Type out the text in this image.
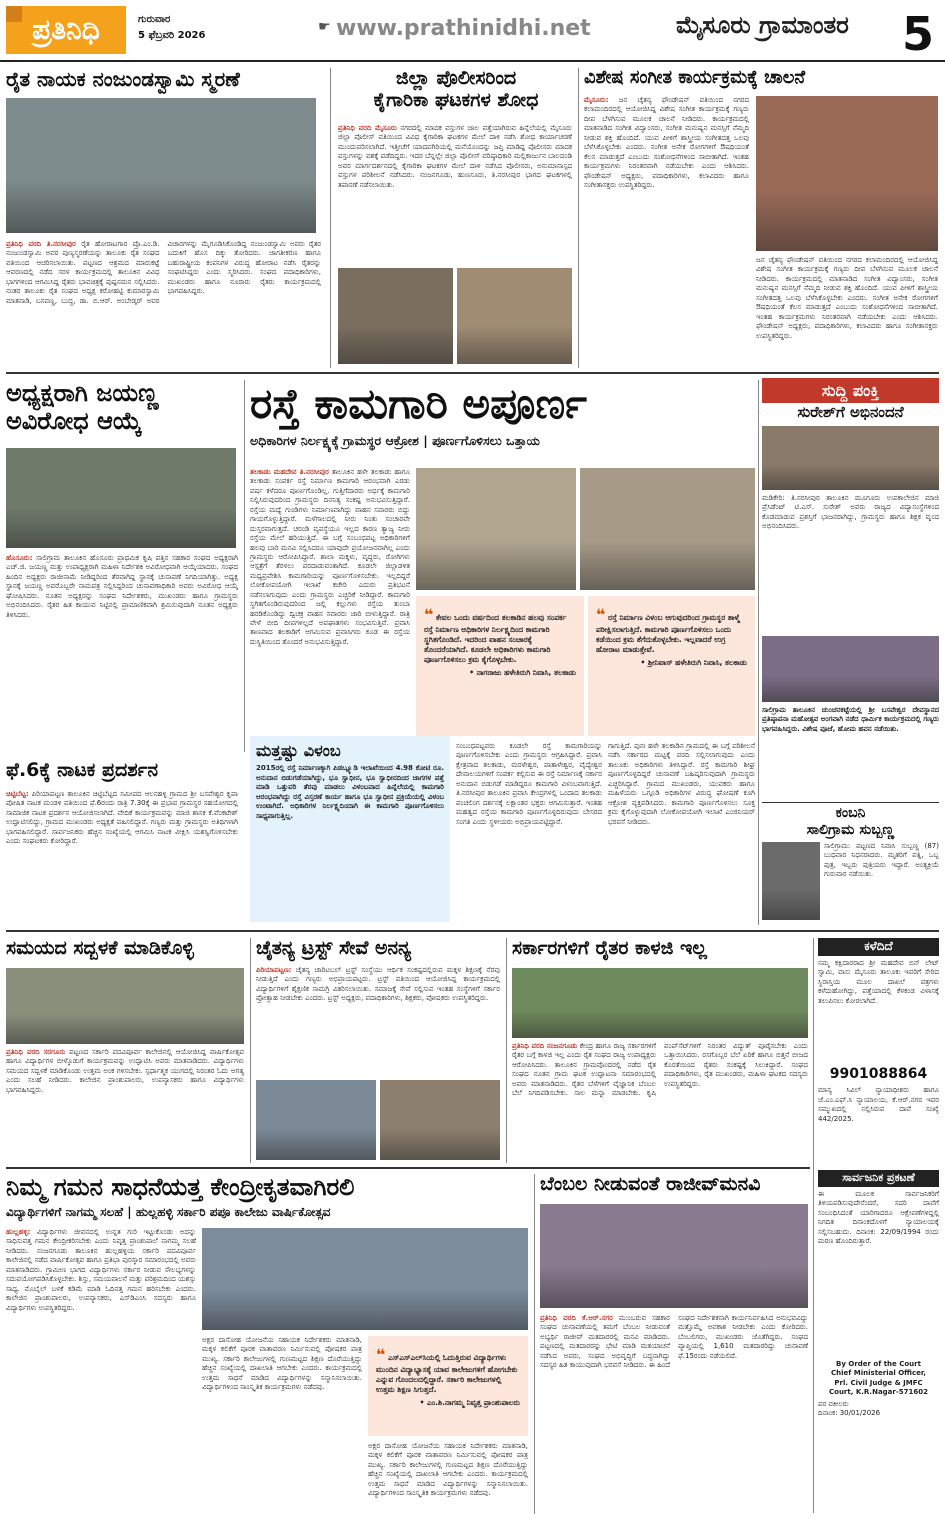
ಪ್ರತಿನಿಧಿ	ಗುರುವಾರ
5 ಫೆಬ್ರವರಿ 2026
☛ www.prathinidhi.net	ಮೈಸೂರು ಗ್ರಾಮಾಂತರ 5
ರೈತ ನಾಯಕ ನಂಜುಂಡಸ್ವಾಮಿ ಸ್ಮರಣೆ
ಪ್ರತಿನಿಧಿ ವರದಿ ತಿ.ನರಸೀಪುರ ರೈತ ಹೋರಾಟಗಾರ ಪ್ರೊ.ಎಂ.ಡಿ. ನಂಜುಂಡಸ್ವಾಮಿ ಅವರ ಪುಣ್ಯಸ್ಮರಣೆಯನ್ನು ತಾಲೂಕು ರೈತ ಸಂಘದ ವತಿಯಿಂದ ಆಚರಿಸಲಾಯಿತು. ಪಟ್ಟಣದ ಆಶ್ರಮದ ಮಾರುಕಟ್ಟೆ ಆವರಣದಲ್ಲಿ ನಡೆದ ಸರಳ ಕಾರ್ಯಕ್ರಮದಲ್ಲಿ ತಾಲೂಕಿನ ವಿವಿಧ ಭಾಗಗಳಿಂದ ಆಗಮಿಸಿದ್ದ ರೈತರು ಭಾವಚಿತ್ರಕ್ಕೆ ಪುಷ್ಪನಮನ ಸಲ್ಲಿಸಿದರು. ನಂತರ ತಾಲೂಕು ರೈತ ಸಂಘದ ಅಧ್ಯಕ್ಷ ಕರೋಹಟ್ಟಿ ಕುಮಾರಸ್ವಾಮಿ ಮಾತನಾಡಿ, ಬಸವಣ್ಣ, ಬುದ್ಧ, ಡಾ. ಬಿ.ಆರ್. ಅಂಬೇಡ್ಕರ್ ಅವರ ವಿಚಾರಗಳನ್ನು ಮೈಗೂಡಿಸಿಕೊಂಡಿದ್ದ ನಂಜುಂಡಸ್ವಾಮಿ ಅವರು ರೈತರ ಬದುಕಿಗೆ ಹೊಸ ದಿಕ್ಕು ತೋರಿದರು. ಜಾಗತೀಕರಣ ಹಾಗೂ ಬಹುರಾಷ್ಟ್ರೀಯ ಕಂಪನಿಗಳ ವಿರುದ್ಧ ಹೋರಾಟ ನಡೆಸಿ ರೈತರನ್ನು ಸಂಘಟಿಸಿದ್ದರು ಎಂದು ಸ್ಮರಿಸಿದರು. ಸಂಘದ ಪದಾಧಿಕಾರಿಗಳು, ಮುಖಂಡರು ಹಾಗೂ ನೂರಾರು ರೈತರು ಕಾರ್ಯಕ್ರಮದಲ್ಲಿ ಭಾಗವಹಿಸಿದ್ದರು.
ಜಿಲ್ಲಾ ಪೊಲೀಸರಿಂದ
ಕೈಗಾರಿಕಾ ಘಟಕಗಳ ಶೋಧ
ಪ್ರತಿನಿಧಿ ವರದಿ ಮೈಸೂರು ನಗರದಲ್ಲಿ ಮಾದಕ ವಸ್ತುಗಳ ಜಾಲ ಪತ್ತೆಯಾಗಿರುವ ಹಿನ್ನೆಲೆಯಲ್ಲಿ ಮೈಸೂರು ಜಿಲ್ಲಾ ಪೊಲೀಸ್ ವತಿಯಿಂದ ವಿವಿಧ ಕೈಗಾರಿಕಾ ಘಟಕಗಳ ಮೇಲೆ ದಾಳಿ ನಡೆಸಿ ಶೋಧ ಕಾರ್ಯಾಚರಣೆ ಮುಂದುವರಿಸಲಾಗಿದೆ. ಇತ್ತೀಚೆಗೆ ಯಾದವಗಿರಿಯಲ್ಲಿ ಮನೆಯೊಂದನ್ನು ಜಪ್ತಿ ಮಾಡಿದ್ದ ಪೊಲೀಸರು ಮಾದಕ ವಸ್ತುಗಳನ್ನು ವಶಕ್ಕೆ ಪಡೆದಿದ್ದರು. ಇದರ ಬೆನ್ನಲ್ಲೇ ಜಿಲ್ಲಾ ಪೊಲೀಸ್ ವರಿಷ್ಠಾಧಿಕಾರಿ ಮಲ್ಲಿಕಾರ್ಜುನ ಬಾಲದಂಡಿ ಅವರ ಮಾರ್ಗದರ್ಶನದಲ್ಲಿ ಕೈಗಾರಿಕಾ ಘಟಕಗಳ ಮೇಲೆ ದಾಳಿ ನಡೆಸಿದ ಪೊಲೀಸರು, ಅನುಮಾನಾಸ್ಪದ ವಸ್ತುಗಳ ಪರಿಶೀಲನೆ ನಡೆಸಿದರು. ನಂಜನಗೂಡು, ಹುಣಸೂರು, ತಿ.ನರಸೀಪುರ ಭಾಗದ ಘಟಕಗಳಲ್ಲಿ ತಪಾಸಣೆ ನಡೆಸಲಾಯಿತು.
ವಿಶೇಷ ಸಂಗೀತ ಕಾರ್ಯಕ್ರಮಕ್ಕೆ ಚಾಲನೆ
ಮೈಸೂರು: ಜನ ಚೈತನ್ಯ ಫೌಂಡೇಷನ್ ವತಿಯಿಂದ ನಗರದ ಕಲಾಮಂದಿರದಲ್ಲಿ ಆಯೋಜಿಸಿದ್ದ ವಿಶೇಷ ಸಂಗೀತ ಕಾರ್ಯಕ್ರಮಕ್ಕೆ ಗಣ್ಯರು ದೀಪ ಬೆಳಗಿಸುವ ಮೂಲಕ ಚಾಲನೆ ನೀಡಿದರು. ಕಾರ್ಯಕ್ರಮದಲ್ಲಿ ಮಾತನಾಡಿದ ಸಂಗೀತ ವಿದ್ವಾಂಸರು, ಸಂಗೀತ ಮನುಷ್ಯನ ಮನಸ್ಸಿಗೆ ನೆಮ್ಮದಿ ನೀಡುವ ಶಕ್ತಿ ಹೊಂದಿದೆ. ಯುವ ಪೀಳಿಗೆ ಶಾಸ್ತ್ರೀಯ ಸಂಗೀತದತ್ತ ಒಲವು ಬೆಳೆಸಿಕೊಳ್ಳಬೇಕು ಎಂದರು. ಸಂಗೀತ ಅನೇಕ ರೋಗಗಳಿಗೆ ಔಷಧಿಯಂತೆ ಕೆಲಸ ಮಾಡುತ್ತದೆ ಎಂಬುದು ಸಂಶೋಧನೆಗಳಿಂದ ಸಾಬೀತಾಗಿದೆ. ಇಂತಹ ಕಾರ್ಯಕ್ರಮಗಳು ನಿರಂತರವಾಗಿ ನಡೆಯಬೇಕು ಎಂದು ಆಶಿಸಿದರು. ಫೌಂಡೇಷನ್ ಅಧ್ಯಕ್ಷರು, ಪದಾಧಿಕಾರಿಗಳು, ಕಲಾವಿದರು ಹಾಗೂ ಸಂಗೀತಾಸಕ್ತರು ಉಪಸ್ಥಿತರಿದ್ದರು.
ಜನ ಚೈತನ್ಯ ಫೌಂಡೇಷನ್ ವತಿಯಿಂದ ನಗರದ ಕಲಾಮಂದಿರದಲ್ಲಿ ಆಯೋಜಿಸಿದ್ದ ವಿಶೇಷ ಸಂಗೀತ ಕಾರ್ಯಕ್ರಮಕ್ಕೆ ಗಣ್ಯರು ದೀಪ ಬೆಳಗಿಸುವ ಮೂಲಕ ಚಾಲನೆ ನೀಡಿದರು. ಕಾರ್ಯಕ್ರಮದಲ್ಲಿ ಮಾತನಾಡಿದ ಸಂಗೀತ ವಿದ್ವಾಂಸರು, ಸಂಗೀತ ಮನುಷ್ಯನ ಮನಸ್ಸಿಗೆ ನೆಮ್ಮದಿ ನೀಡುವ ಶಕ್ತಿ ಹೊಂದಿದೆ. ಯುವ ಪೀಳಿಗೆ ಶಾಸ್ತ್ರೀಯ ಸಂಗೀತದತ್ತ ಒಲವು ಬೆಳೆಸಿಕೊಳ್ಳಬೇಕು ಎಂದರು. ಸಂಗೀತ ಅನೇಕ ರೋಗಗಳಿಗೆ ಔಷಧಿಯಂತೆ ಕೆಲಸ ಮಾಡುತ್ತದೆ ಎಂಬುದು ಸಂಶೋಧನೆಗಳಿಂದ ಸಾಬೀತಾಗಿದೆ. ಇಂತಹ ಕಾರ್ಯಕ್ರಮಗಳು ನಿರಂತರವಾಗಿ ನಡೆಯಬೇಕು ಎಂದು ಆಶಿಸಿದರು. ಫೌಂಡೇಷನ್ ಅಧ್ಯಕ್ಷರು, ಪದಾಧಿಕಾರಿಗಳು, ಕಲಾವಿದರು ಹಾಗೂ ಸಂಗೀತಾಸಕ್ತರು ಉಪಸ್ಥಿತರಿದ್ದರು.
ಅಧ್ಯಕ್ಷರಾಗಿ ಜಯಣ್ಣ
ಅವಿರೋಧ ಆಯ್ಕೆ
ಹೊಸೂರು: ಸಾಲಿಗ್ರಾಮ ತಾಲೂಕಿನ ಹೊಸೂರು ಪ್ರಾಥಮಿಕ ಕೃಷಿ ಪತ್ತಿನ ಸಹಕಾರ ಸಂಘದ ಅಧ್ಯಕ್ಷರಾಗಿ ಎಚ್.ಜಿ. ಜಯಣ್ಣ ಮತ್ತು ಉಪಾಧ್ಯಕ್ಷರಾಗಿ ಮಹಿಳಾ ನಿರ್ದೇಶಕಿ ಅವಿರೋಧವಾಗಿ ಆಯ್ಕೆಯಾದರು. ಸಂಘದ ಹಿಂದಿನ ಅಧ್ಯಕ್ಷರು ರಾಜೀನಾಮೆ ನೀಡಿದ್ದರಿಂದ ತೆರವಾಗಿದ್ದ ಸ್ಥಾನಕ್ಕೆ ಚುನಾವಣೆ ನಿಗದಿಯಾಗಿತ್ತು. ಅಧ್ಯಕ್ಷ ಸ್ಥಾನಕ್ಕೆ ಜಯಣ್ಣ ಅವರೊಬ್ಬರೇ ನಾಮಪತ್ರ ಸಲ್ಲಿಸಿದ್ದರಿಂದ ಚುನಾವಣಾಧಿಕಾರಿ ಅವರು ಅವಿರೋಧ ಆಯ್ಕೆ ಘೋಷಿಸಿದರು. ನೂತನ ಅಧ್ಯಕ್ಷರನ್ನು ಸಂಘದ ನಿರ್ದೇಶಕರು, ಮುಖಂಡರು ಹಾಗೂ ಗ್ರಾಮಸ್ಥರು ಅಭಿನಂದಿಸಿದರು. ರೈತರ ಹಿತ ಕಾಯುವ ನಿಟ್ಟಿನಲ್ಲಿ ಪ್ರಾಮಾಣಿಕವಾಗಿ ಶ್ರಮಿಸುವುದಾಗಿ ನೂತನ ಅಧ್ಯಕ್ಷರು ತಿಳಿಸಿದರು.
ರಸ್ತೆ ಕಾಮಗಾರಿ ಅಪೂರ್ಣ
ಅಧಿಕಾರಿಗಳ ನಿರ್ಲಕ್ಷ್ಯಕ್ಕೆ ಗ್ರಾಮಸ್ಥರ ಆಕ್ರೋಶ | ಪೂರ್ಣಗೊಳಿಸಲು ಒತ್ತಾಯ
ತಲಕಾಡು ಮಹದೇವ ತಿ.ನರಸೀಪುರ ತಾಲೂಕಿನ ಹಳೇ ತಲಕಾಡು ಹಾಗೂ ತಲಕಾಡು ಸಂಪರ್ಕ ರಸ್ತೆ ನಿರ್ಮಾಣ ಕಾಮಗಾರಿ ಆರಂಭವಾಗಿ ಎರಡು ವರ್ಷ ಕಳೆದರೂ ಪೂರ್ಣಗೊಂಡಿಲ್ಲ. ಗುತ್ತಿಗೆದಾರರು ಅರ್ಧಕ್ಕೆ ಕಾಮಗಾರಿ ನಿಲ್ಲಿಸಿರುವುದರಿಂದ ಗ್ರಾಮಸ್ಥರು ದಿನನಿತ್ಯ ಸಂಕಷ್ಟ ಅನುಭವಿಸುತ್ತಿದ್ದಾರೆ. ರಸ್ತೆಯ ಮಧ್ಯೆ ಗುಂಡಿಗಳು ನಿರ್ಮಾಣವಾಗಿದ್ದು ವಾಹನ ಸವಾರರು ಬಿದ್ದು ಗಾಯಗೊಳ್ಳುತ್ತಿದ್ದಾರೆ. ಮಳೆಗಾಲದಲ್ಲಿ ನೀರು ನಿಂತು ಸಂಚಾರವೇ ದುಸ್ತರವಾಗುತ್ತದೆ. ಚರಂಡಿ ವ್ಯವಸ್ಥೆಯೂ ಇಲ್ಲದ ಕಾರಣ ತ್ಯಾಜ್ಯ ನೀರು ರಸ್ತೆಯ ಮೇಲೆ ಹರಿಯುತ್ತಿದೆ. ಈ ಬಗ್ಗೆ ಸಂಬಂಧಪಟ್ಟ ಅಧಿಕಾರಿಗಳಿಗೆ ಹಲವು ಬಾರಿ ಮನವಿ ಸಲ್ಲಿಸಿದರೂ ಯಾವುದೇ ಪ್ರಯೋಜನವಾಗಿಲ್ಲ ಎಂದು ಗ್ರಾಮಸ್ಥರು ಆರೋಪಿಸಿದ್ದಾರೆ. ಶಾಲಾ ಮಕ್ಕಳು, ವೃದ್ಧರು, ರೋಗಿಗಳು ಆಸ್ಪತ್ರೆಗೆ ತೆರಳಲು ಪರದಾಡುವಂತಾಗಿದೆ. ಕೂಡಲೇ ಜಿಲ್ಲಾಡಳಿತ ಮಧ್ಯಪ್ರವೇಶಿಸಿ ಕಾಮಗಾರಿಯನ್ನು ಪೂರ್ಣಗೊಳಿಸಬೇಕು. ಇಲ್ಲದಿದ್ದರೆ ಲೋಕೋಪಯೋಗಿ ಇಲಾಖೆ ಕಚೇರಿ ಎದುರು ಪ್ರತಿಭಟನೆ ನಡೆಸಲಾಗುವುದು ಎಂದು ಗ್ರಾಮಸ್ಥರು ಎಚ್ಚರಿಕೆ ನೀಡಿದ್ದಾರೆ. ಕಾಮಗಾರಿ ಸ್ಥಗಿತಗೊಂಡಿರುವುದರಿಂದ ಜಲ್ಲಿ ಕಲ್ಲುಗಳು ರಸ್ತೆಯ ತುಂಬಾ ಹರಡಿಕೊಂಡಿದ್ದು ದ್ವಿಚಕ್ರ ವಾಹನ ಸವಾರರು ಜಾರಿ ಬೀಳುತ್ತಿದ್ದಾರೆ. ರಾತ್ರಿ ವೇಳೆ ಬೀದಿ ದೀಪಗಳಿಲ್ಲದೆ ಅಪಘಾತಗಳು ಸಂಭವಿಸುತ್ತಿವೆ. ಪ್ರವಾಸಿ ತಾಣವಾದ ತಲಕಾಡಿಗೆ ಆಗಮಿಸುವ ಪ್ರವಾಸಿಗರು ಕೂಡ ಈ ರಸ್ತೆಯ ದುಸ್ಥಿತಿಯಿಂದ ತೊಂದರೆ ಅನುಭವಿಸುತ್ತಿದ್ದಾರೆ.
❝ ಕೇವಲ ಒಂದು ವರ್ಷದಿಂದ ತಲಕಾಡಿನ ಹಲವು ಸಂಪರ್ಕ ರಸ್ತೆ ನಿರ್ಮಾಣ ಅಧಿಕಾರಿಗಳ ನಿರ್ಲಕ್ಷ್ಯದಿಂದ ಕಾಮಗಾರಿ ಸ್ಥಗಿತಗೊಂಡಿದೆ. ಇದರಿಂದ ವಾಹನ ಸಂಚಾರಕ್ಕೆ ತೊಂದರೆಯಾಗಿದೆ. ಕೂಡಲೇ ಅಧಿಕಾರಿಗಳು ಕಾಮಗಾರಿ ಪೂರ್ಣಗೊಳಿಸಲು ಕ್ರಮ ಕೈಗೊಳ್ಳಬೇಕು.
• ನಾಗರಾಜು ಹಳೇತಿರುಗಿ ನಿವಾಸಿ, ತಲಕಾಡು
❝ ರಸ್ತೆ ನಿರ್ಮಾಣ ವಿಳಂಬ ಆಗುವುದರಿಂದ ಗ್ರಾಮಸ್ಥರ ತಾಳ್ಮೆ ಪರೀಕ್ಷಿಸಲಾಗುತ್ತಿದೆ. ಕಾಮಗಾರಿ ಪೂರ್ಣಗೊಳಿಸಲು ಒಂದು ಕಡೆಯಿಂದ ಕ್ರಮ ತೆಗೆದುಕೊಳ್ಳಬೇಕು. ಇಲ್ಲವಾದರೆ ಉಗ್ರ ಹೋರಾಟ ಮಾಡುತ್ತೇವೆ.
• ಶ್ರೀನಿವಾಸ್ ಹಳೇತಿರುಗಿ ನಿವಾಸಿ, ತಲಕಾಡು
ಮತ್ತಷ್ಟು ವಿಳಂಬ
2015ರಲ್ಲಿ ರಸ್ತೆ ನಿರ್ಮಾಣಕ್ಕಾಗಿ ಪಿಡಬ್ಲ್ಯೂಡಿ ಇಲಾಖೆಯಿಂದ 4.98 ಕೋಟಿ ರೂ. ಅನುದಾನ ಬಿಡುಗಡೆಯಾಗಿದ್ದು, ಭೂ ಸ್ವಾಧೀನ, ಭೂ ಸ್ವಾಧೀನದಿಂದ ಜಾಗಗಳ ಪತ್ತೆ ಮಾಡಿ ಒತ್ತುವರಿ ತೆರವು ಮಾಡಲು ವಿಳಂಬವಾದ ಹಿನ್ನೆಲೆಯಲ್ಲಿ ಕಾಮಗಾರಿ ಆರಂಭವಾಗಿದ್ದು ರಸ್ತೆ ವಿಸ್ತರಣೆ ಕಾರ್ಯ ಹಾಗೂ ಭೂ ಸ್ವಾಧೀನ ಪ್ರಕ್ರಿಯೆಯಲ್ಲಿ ವಿಳಂಬ ಉಂಟಾಗಿದೆ. ಅಧಿಕಾರಿಗಳ ನಿರ್ಲಕ್ಷ್ಯದಿಂದಾಗಿ ಈ ಕಾಮಗಾರಿ ಪೂರ್ಣಗೊಳಿಸಲು ಸಾಧ್ಯವಾಗುತ್ತಿಲ್ಲ.
ಸಂಬಂಧಪಟ್ಟವರು ಕೂಡಲೇ ರಸ್ತೆ ಕಾಮಗಾರಿಯನ್ನು ಪೂರ್ಣಗೊಳಿಸಬೇಕು ಎಂದು ಗ್ರಾಮಸ್ಥರು ಆಗ್ರಹಿಸಿದ್ದಾರೆ. ಪ್ರವಾಸಿ ಕ್ಷೇತ್ರವಾದ ತಲಕಾಡು, ಮರಳೇಶ್ವರ, ಪಾತಾಳೇಶ್ವರ, ವೈದ್ಯೇಶ್ವರ ದೇವಾಲಯಗಳಿಗೆ ಸಂಪರ್ಕ ಕಲ್ಪಿಸುವ ಈ ರಸ್ತೆ ನಿರ್ಮಾಣಕ್ಕೆ ಸರ್ಕಾರ ಅನುದಾನ ಬಿಡುಗಡೆ ಮಾಡಿದ್ದರೂ ಕಾಮಗಾರಿ ವಿಳಂಬವಾಗುತ್ತಿದೆ. ತಿ.ನರಸೀಪುರ ತಾಲೂಕಿನ ಪ್ರವಾಸಿ ಕೇಂದ್ರಗಳಲ್ಲಿ ಒಂದಾದ ತಲಕಾಡು ಪಂಚಲಿಂಗ ದರ್ಶನಕ್ಕೆ ಲಕ್ಷಾಂತರ ಭಕ್ತರು ಆಗಮಿಸುತ್ತಾರೆ. ಇಂತಹ ಮಹತ್ವದ ರಸ್ತೆಯ ಕಾಮಗಾರಿ ಪೂರ್ಣಗೊಳ್ಳದಿರುವುದು ಬೇಸರದ ಸಂಗತಿ ಎಂದು ಸ್ಥಳೀಯರು ಅಭಿಪ್ರಾಯಪಟ್ಟಿದ್ದಾರೆ.
ಗಾಗುತ್ತಿದೆ. ಪುನಃ ಹಳೇ ತಲಕಾಡಿನ ಗ್ರಾಮದಲ್ಲಿ ಈ ಬಗ್ಗೆ ಪರಿಶೀಲನೆ ನಡೆಸಿ ಸರ್ಕಾರದ ಮಟ್ಟಕ್ಕೆ ವರದಿ ಸಲ್ಲಿಸಲಾಗುವುದು ಎಂದು ತಾಲೂಕು ಅಧಿಕಾರಿಗಳು ತಿಳಿಸಿದ್ದಾರೆ. ರಸ್ತೆ ಕಾಮಗಾರಿ ಶೀಘ್ರ ಪೂರ್ಣಗೊಳ್ಳದಿದ್ದರೆ ಚುನಾವಣೆ ಬಹಿಷ್ಕರಿಸುವುದಾಗಿ ಗ್ರಾಮಸ್ಥರು ಎಚ್ಚರಿಸಿದ್ದಾರೆ. ಗ್ರಾಮದ ಮುಖಂಡರು, ಯುವಕರು ಹಾಗೂ ಮಹಿಳೆಯರು ಒಗ್ಗೂಡಿ ಅಧಿಕಾರಿಗಳ ವಿರುದ್ಧ ಘೋಷಣೆ ಕೂಗಿ ಆಕ್ರೋಶ ವ್ಯಕ್ತಪಡಿಸಿದರು. ಕಾಮಗಾರಿ ಪೂರ್ಣಗೊಳಿಸಲು ಸೂಕ್ತ ಕ್ರಮ ಕೈಗೊಳ್ಳುವುದಾಗಿ ಲೋಕೋಪಯೋಗಿ ಇಲಾಖೆ ಎಂಜಿನಿಯರ್ ಭರವಸೆ ನೀಡಿದರು.
ಸುದ್ದಿ ಪಂಕ್ತಿ
ಸುರೇಶ್‌ಗೆ ಅಭಿನಂದನೆ
ಮಡಿಕೇರಿ: ತಿ.ನರಸೀಪುರ ತಾಲೂಕಿನ ಮೂಗೂರು ಉಪಕಾಲೇಜಿನ ಮಾಜಿ ಪ್ರೆಸಿಡೆಂಟ್ ಟಿ.ಎಸ್. ಸುರೇಶ್ ಅವರು ರಾಜ್ಯದ ವಿದ್ಯಾಸಂಸ್ಥೆಗಳಿಂದ ಕೊಡಮಾಡುವ ಪ್ರಶಸ್ತಿಗೆ ಭಾಜನರಾಗಿದ್ದು, ಗ್ರಾಮಸ್ಥರು ಹಾಗೂ ಶಿಕ್ಷಕ ವೃಂದ ಅಭಿನಂದಿಸಿದರು.
ಸಾಲಿಗ್ರಾಮ ತಾಲೂಕಿನ ಚುಂಚನಕಟ್ಟೆಯಲ್ಲಿ ಶ್ರೀ ಬಸವೇಶ್ವರ ದೇವಸ್ಥಾನದ ಪ್ರತಿಷ್ಠಾಪನಾ ಮಹೋತ್ಸವ ಅಂಗವಾಗಿ ನಡೆದ ಧಾರ್ಮಿಕ ಕಾರ್ಯಕ್ರಮದಲ್ಲಿ ಗಣ್ಯರು ಭಾಗವಹಿಸಿದ್ದರು. ವಿಶೇಷ ಪೂಜೆ, ಹೋಮ ಹವನ ನಡೆಯಿತು.
ಕಂಬನಿ
ಸಾಲಿಗ್ರಾಮ ಸುಬ್ಬಣ್ಣ
ಸಾಲಿಗ್ರಾಮ: ಪಟ್ಟಣದ ನಿವಾಸಿ ಸುಬ್ಬಣ್ಣ (87) ಬುಧವಾರ ನಿಧನರಾದರು. ಮೃತರಿಗೆ ಪತ್ನಿ, ಒಬ್ಬ ಪುತ್ರ, ಇಬ್ಬರು ಪುತ್ರಿಯರು ಇದ್ದಾರೆ. ಅಂತ್ಯಕ್ರಿಯೆ ಗುರುವಾರ ನಡೆಯಿತು.
ಫೆ.6ಕ್ಕೆ ನಾಟಕ ಪ್ರದರ್ಶನ
ಚಿಟ್ಟಿಬೆಟ್ಟ: ಪಿರಿಯಾಪಟ್ಟಣ ತಾಲೂಕಿನ ಚಿಟ್ಟಿಬೆಟ್ಟದ ಸಮೀಪದ ಆಲನಹಳ್ಳಿ ಗ್ರಾಮದ ಶ್ರೀ ಬಸವೇಶ್ವರ ಕೃಪಾ ಪೋಷಿತ ನಾಟಕ ಮಂಡಳಿ ವತಿಯಿಂದ ಫೆ.6ರಂದು ರಾತ್ರಿ 7.30ಕ್ಕೆ ಈ ಪ್ರಭಾವ ಗ್ರಾಮಸ್ಥರ ಸಹಯೋಗದಲ್ಲಿ ಸಾಮಾಜಿಕ ನಾಟಕ ಪ್ರದರ್ಶನ ಆಯೋಜಿಸಲಾಗಿದೆ. ವೇದಿಕೆ ಕಾರ್ಯಕ್ರಮವನ್ನು ಮಾಜಿ ಶಾಸಕ ಕೆ.ವೆಂಕಟೇಶ್ ಉದ್ಘಾಟಿಸಲಿದ್ದು, ಗ್ರಾಮದ ಮುಖಂಡರು ಅಧ್ಯಕ್ಷತೆ ವಹಿಸಲಿದ್ದಾರೆ. ಗಣ್ಯರು ಮತ್ತು ಗ್ರಾಮಸ್ಥರು ಅತಿಥಿಗಳಾಗಿ ಭಾಗವಹಿಸಲಿದ್ದಾರೆ. ಸಾರ್ವಜನಿಕರು ಹೆಚ್ಚಿನ ಸಂಖ್ಯೆಯಲ್ಲಿ ಆಗಮಿಸಿ ನಾಟಕ ವೀಕ್ಷಿಸಿ ಯಶಸ್ವಿಗೊಳಿಸಬೇಕು ಎಂದು ಸಂಘಟಕರು ಕೋರಿದ್ದಾರೆ.
ಸಮಯದ ಸದ್ಬಳಕೆ ಮಾಡಿಕೊಳ್ಳಿ
ಪ್ರತಿನಿಧಿ ವರದಿ ಸರಗೂರು ಪಟ್ಟಣದ ಸರ್ಕಾರಿ ಪದವಿಪೂರ್ವ ಕಾಲೇಜಿನಲ್ಲಿ ಆಯೋಜಿಸಿದ್ದ ವಾರ್ಷಿಕೋತ್ಸವ ಹಾಗೂ ವಿದ್ಯಾರ್ಥಿಗಳ ಬೀಳ್ಕೊಡುಗೆ ಕಾರ್ಯಕ್ರಮವನ್ನು ಉದ್ಘಾಟಿಸಿ ಅವರು ಮಾತನಾಡಿದರು. ವಿದ್ಯಾರ್ಥಿಗಳು ಸಮಯದ ಸದ್ಬಳಕೆ ಮಾಡಿಕೊಂಡು ಉತ್ತಮ ಅಂಕ ಗಳಿಸಬೇಕು. ಸ್ಪರ್ಧಾತ್ಮಕ ಯುಗದಲ್ಲಿ ನಿರಂತರ ಓದು ಅಗತ್ಯ ಎಂದು ಸಲಹೆ ನೀಡಿದರು. ಕಾಲೇಜಿನ ಪ್ರಾಂಶುಪಾಲರು, ಉಪನ್ಯಾಸಕರು ಹಾಗೂ ವಿದ್ಯಾರ್ಥಿಗಳು ಭಾಗವಹಿಸಿದ್ದರು.
ಚೈತನ್ಯ ಟ್ರಸ್ಟ್ ಸೇವೆ ಅನನ್ಯ
ಪಿರಿಯಾಪಟ್ಟಣ: ಚೈತನ್ಯ ಚಾರಿಟಬಲ್ ಟ್ರಸ್ಟ್ ಸಂಸ್ಥೆಯು ಆರ್ಥಿಕ ಸಂಕಷ್ಟದಲ್ಲಿರುವ ಮಕ್ಕಳ ಶಿಕ್ಷಣಕ್ಕೆ ನೆರವು ನೀಡುತ್ತಿದೆ ಎಂದು ಗಣ್ಯರು ಅಭಿಪ್ರಾಯಪಟ್ಟರು. ಟ್ರಸ್ಟ್ ವತಿಯಿಂದ ಆಯೋಜಿಸಿದ್ದ ಕಾರ್ಯಕ್ರಮದಲ್ಲಿ ವಿದ್ಯಾರ್ಥಿಗಳಿಗೆ ಶೈಕ್ಷಣಿಕ ಸಾಮಗ್ರಿ ವಿತರಿಸಲಾಯಿತು. ಸಮಾಜಕ್ಕೆ ಸೇವೆ ಸಲ್ಲಿಸುವ ಇಂತಹ ಸಂಸ್ಥೆಗಳಿಗೆ ಸರ್ಕಾರ ಪ್ರೋತ್ಸಾಹ ನೀಡಬೇಕು ಎಂದರು. ಟ್ರಸ್ಟ್ ಅಧ್ಯಕ್ಷರು, ಪದಾಧಿಕಾರಿಗಳು, ಶಿಕ್ಷಕರು, ಪೋಷಕರು ಉಪಸ್ಥಿತರಿದ್ದರು.
ಸರ್ಕಾರಗಳಿಗೆ ರೈತರ ಕಾಳಜಿ ಇಲ್ಲ
ಪ್ರತಿನಿಧಿ ವರದಿ ನಂಜನಗೂಡು ಕೇಂದ್ರ ಹಾಗೂ ರಾಜ್ಯ ಸರ್ಕಾರಗಳಿಗೆ ರೈತರ ಬಗ್ಗೆ ಕಾಳಜಿ ಇಲ್ಲ ಎಂದು ರೈತ ಸಂಘದ ರಾಜ್ಯ ಉಪಾಧ್ಯಕ್ಷರು ಆರೋಪಿಸಿದರು. ತಾಲೂಕಿನ ಗ್ರಾಮವೊಂದರಲ್ಲಿ ನಡೆದ ರೈತ ಸಂಘದ ನೂತನ ಗ್ರಾಮ ಘಟಕ ಉದ್ಘಾಟನಾ ಸಮಾರಂಭದಲ್ಲಿ ಅವರು ಮಾತನಾಡಿದರು. ರೈತರ ಬೆಳೆಗಳಿಗೆ ವೈಜ್ಞಾನಿಕ ಬೆಂಬಲ ಬೆಲೆ ನಿಗದಿಪಡಿಸಬೇಕು. ಸಾಲ ಮನ್ನಾ ಮಾಡಬೇಕು. ಕೃಷಿ ಪಂಪ್‌ಸೆಟ್‌ಗಳಿಗೆ ನಿರಂತರ ವಿದ್ಯುತ್ ಪೂರೈಸಬೇಕು ಎಂದು ಒತ್ತಾಯಿಸಿದರು. ರಸಗೊಬ್ಬರ ಬೆಲೆ ಏರಿಕೆ ಹಾಗೂ ಬಿತ್ತನೆ ಬೀಜದ ಕೊರತೆಯಿಂದ ರೈತರು ಸಂಕಷ್ಟಕ್ಕೆ ಸಿಲುಕಿದ್ದಾರೆ. ಸಂಘದ ಪದಾಧಿಕಾರಿಗಳು, ರೈತ ಮುಖಂಡರು, ಮಹಿಳಾ ಘಟಕದ ಸದಸ್ಯರು ಉಪಸ್ಥಿತರಿದ್ದರು.
ಕಳೆದಿದೆ
ನಮ್ಮ ಕಕ್ಷಿದಾರರಾದ ಶ್ರೀ ಮಹದೇವ ಬಿನ್ ಲೇಟ್ ಸ್ವಾಮಿ, ವಾಸ: ಮೈಸೂರು ತಾಲೂಕು ಇವರಿಗೆ ಸೇರಿದ ಸ್ಥಿರಾಸ್ತಿಯ ಮೂಲ ದಾಖಲೆ ಪತ್ರಗಳು ಕಳೆದುಹೋಗಿದ್ದು, ಪತ್ತೆಯಾದಲ್ಲಿ ಕೆಳಕಂಡ ವಿಳಾಸಕ್ಕೆ ತಲುಪಿಸಲು ಕೋರಲಾಗಿದೆ.
9901088864
ಮಾನ್ಯ ಸಿವಿಲ್ ನ್ಯಾಯಾಧೀಶರು ಹಾಗೂ ಜೆ.ಎಂ.ಎಫ್.ಸಿ ನ್ಯಾಯಾಲಯ, ಕೆ.ಆರ್.ನಗರ ಇವರ ಸಮ್ಮುಖದಲ್ಲಿ ಸಲ್ಲಿಸಿರುವ ದಾವೆ ಸಂಖ್ಯೆ 442/2025.
ಸಾರ್ವಜನಿಕ ಪ್ರಕಟಣೆ
ಈ ಮೂಲಕ ಸಾರ್ವಜನಿಕರಿಗೆ ತಿಳಿಯಪಡಿಸುವುದೇನೆಂದರೆ, ಸದರಿ ದಾವೆಗೆ ಸಂಬಂಧಿಸಿದಂತೆ ಯಾರಿಗಾದರೂ ಆಕ್ಷೇಪಣೆಗಳಿದ್ದಲ್ಲಿ ನಿಗದಿತ ದಿನಾಂಕದೊಳಗೆ ನ್ಯಾಯಾಲಯಕ್ಕೆ ಸಲ್ಲಿಸಬಹುದು. ದಿನಾಂಕ: 22/09/1994 ರಂದು ಮರಣ ಹೊಂದಿರುತ್ತಾರೆ.
By Order of the Court
Chief Ministerial Officer,
Prl. Civil Judge & JMFC
Court, K.R.Nagar-571602
ಪರ ವಕೀಲರು
ದಿನಾಂಕ: 30/01/2026
ನಿಮ್ಮ ಗಮನ ಸಾಧನೆಯತ್ತ ಕೇಂದ್ರೀಕೃತವಾಗಿರಲಿ
ವಿದ್ಯಾರ್ಥಿಗಳಿಗೆ ನಾಗಮ್ಮ ಸಲಹೆ | ಹುಲ್ಲಹಳ್ಳಿ ಸರ್ಕಾರಿ ಪಪೂ ಕಾಲೇಜು ವಾರ್ಷಿಕೋತ್ಸವ
ಹುಲ್ಲಹಳ್ಳಿ: ವಿದ್ಯಾರ್ಥಿಗಳು ಜೀವನದಲ್ಲಿ ಉನ್ನತ ಗುರಿ ಇಟ್ಟುಕೊಂಡು ಅದನ್ನು ಸಾಧಿಸುವತ್ತ ಗಮನ ಕೇಂದ್ರೀಕರಿಸಬೇಕು ಎಂದು ನಿವೃತ್ತ ಪ್ರಾಂಶುಪಾಲೆ ನಾಗಮ್ಮ ಸಲಹೆ ನೀಡಿದರು. ನಂಜನಗೂಡು ತಾಲೂಕಿನ ಹುಲ್ಲಹಳ್ಳಿಯ ಸರ್ಕಾರಿ ಪದವಿಪೂರ್ವ ಕಾಲೇಜಿನಲ್ಲಿ ನಡೆದ ವಾರ್ಷಿಕೋತ್ಸವ ಹಾಗೂ ಪ್ರತಿಭಾ ಪುರಸ್ಕಾರ ಸಮಾರಂಭದಲ್ಲಿ ಅವರು ಮಾತನಾಡಿದರು. ಗ್ರಾಮೀಣ ಭಾಗದ ವಿದ್ಯಾರ್ಥಿಗಳು ಸರ್ಕಾರ ನೀಡುವ ಸೌಲಭ್ಯಗಳನ್ನು ಸದುಪಯೋಗಪಡಿಸಿಕೊಳ್ಳಬೇಕು. ಶಿಸ್ತು, ಸಮಯಪಾಲನೆ ಮತ್ತು ಪರಿಶ್ರಮದಿಂದ ಯಶಸ್ಸು ಸಾಧ್ಯ. ಮೊಬೈಲ್ ಬಳಕೆ ಕಡಿಮೆ ಮಾಡಿ ಓದಿನತ್ತ ಗಮನ ಹರಿಸಬೇಕು ಎಂದರು. ಕಾಲೇಜಿನ ಪ್ರಾಂಶುಪಾಲರು, ಉಪನ್ಯಾಸಕರು, ಎಸ್‌ಡಿಎಂಸಿ ಸದಸ್ಯರು ಹಾಗೂ ವಿದ್ಯಾರ್ಥಿಗಳು ಉಪಸ್ಥಿತರಿದ್ದರು.
ಅಕ್ಷರ ದಾಸೋಹ ಯೋಜನೆಯ ಸಹಾಯಕ ನಿರ್ದೇಶಕರು ಮಾತನಾಡಿ, ಮಕ್ಕಳ ಕಲಿಕೆಗೆ ಪೂರಕ ವಾತಾವರಣ ನಿರ್ಮಿಸುವಲ್ಲಿ ಪೋಷಕರ ಪಾತ್ರ ಮುಖ್ಯ. ಸರ್ಕಾರಿ ಕಾಲೇಜುಗಳಲ್ಲಿ ಗುಣಮಟ್ಟದ ಶಿಕ್ಷಣ ದೊರೆಯುತ್ತಿದ್ದು ಹೆಚ್ಚಿನ ಸಂಖ್ಯೆಯಲ್ಲಿ ದಾಖಲಾತಿ ಆಗಬೇಕು ಎಂದರು. ಕಾರ್ಯಕ್ರಮದಲ್ಲಿ ಉತ್ತಮ ಸಾಧನೆ ಮಾಡಿದ ವಿದ್ಯಾರ್ಥಿಗಳನ್ನು ಸನ್ಮಾನಿಸಲಾಯಿತು. ವಿದ್ಯಾರ್ಥಿಗಳಿಂದ ಸಾಂಸ್ಕೃತಿಕ ಕಾರ್ಯಕ್ರಮಗಳು ನಡೆದವು.
❝ ಎಸ್‌ಎಸ್‌ಎಲ್‌ಸಿಯಲ್ಲಿ ಓದುತ್ತಿರುವ ವಿದ್ಯಾರ್ಥಿಗಳು ಮುಂದಿನ ವಿದ್ಯಾಭ್ಯಾಸಕ್ಕೆ ಯಾವ ಕಾಲೇಜುಗಳಿಗೆ ಹೋಗಬೇಕು ಎನ್ನುವ ಗೊಂದಲದಲ್ಲಿದ್ದಾರೆ. ಸರ್ಕಾರಿ ಕಾಲೇಜುಗಳಲ್ಲಿ ಉತ್ತಮ ಶಿಕ್ಷಣ ಸಿಗುತ್ತದೆ.
• ಎಂ.ಶಿ.ನಾಗಮ್ಮ ನಿವೃತ್ತ ಪ್ರಾಂಶುಪಾಲರು
ಅಕ್ಷರ ದಾಸೋಹ ಯೋಜನೆಯ ಸಹಾಯಕ ನಿರ್ದೇಶಕರು ಮಾತನಾಡಿ, ಮಕ್ಕಳ ಕಲಿಕೆಗೆ ಪೂರಕ ವಾತಾವರಣ ನಿರ್ಮಿಸುವಲ್ಲಿ ಪೋಷಕರ ಪಾತ್ರ ಮುಖ್ಯ. ಸರ್ಕಾರಿ ಕಾಲೇಜುಗಳಲ್ಲಿ ಗುಣಮಟ್ಟದ ಶಿಕ್ಷಣ ದೊರೆಯುತ್ತಿದ್ದು ಹೆಚ್ಚಿನ ಸಂಖ್ಯೆಯಲ್ಲಿ ದಾಖಲಾತಿ ಆಗಬೇಕು ಎಂದರು. ಕಾರ್ಯಕ್ರಮದಲ್ಲಿ ಉತ್ತಮ ಸಾಧನೆ ಮಾಡಿದ ವಿದ್ಯಾರ್ಥಿಗಳನ್ನು ಸನ್ಮಾನಿಸಲಾಯಿತು. ವಿದ್ಯಾರ್ಥಿಗಳಿಂದ ಸಾಂಸ್ಕೃತಿಕ ಕಾರ್ಯಕ್ರಮಗಳು ನಡೆದವು.
ಬೆಂಬಲ ನೀಡುವಂತೆ ರಾಜೀವ್‌ಮನವಿ
ಪ್ರತಿನಿಧಿ ವರದಿ ಕೆ.ಆರ್.ನಗರ ಮುಂಬರುವ ಸಹಕಾರ ಸಂಘದ ಚುನಾವಣೆಯಲ್ಲಿ ತಮಗೆ ಬೆಂಬಲ ನೀಡುವಂತೆ ಅಭ್ಯರ್ಥಿ ರಾಜೀವ್ ಮತದಾರರಲ್ಲಿ ಮನವಿ ಮಾಡಿದರು. ಪಟ್ಟಣದಲ್ಲಿ ಮತದಾರರನ್ನು ಭೇಟಿ ಮಾಡಿ ಮತಯಾಚನೆ ನಡೆಸಿದ ಅವರು, ಸಂಘದ ಅಭಿವೃದ್ಧಿಗೆ ಬದ್ಧನಾಗಿದ್ದು ಸದಸ್ಯರ ಹಿತ ಕಾಯುವುದಾಗಿ ಭರವಸೆ ನೀಡಿದರು. ಈ ಹಿಂದೆ ಸಂಘದ ನಿರ್ದೇಶಕನಾಗಿ ಕಾರ್ಯನಿರ್ವಹಿಸಿದ ಅನುಭವವಿದ್ದು ಮತ್ತೊಮ್ಮೆ ಅವಕಾಶ ನೀಡಬೇಕು ಎಂದು ಕೋರಿದರು. ಬೆಂಬಲಿಗರು, ಮುಖಂಡರು ಜೊತೆಗಿದ್ದರು. ಸಂಘದ ವ್ಯಾಪ್ತಿಯಲ್ಲಿ 1,610 ಮತದಾರರಿದ್ದು ಚುನಾವಣೆ ಫೆ.15ರಂದು ನಡೆಯಲಿದೆ.
